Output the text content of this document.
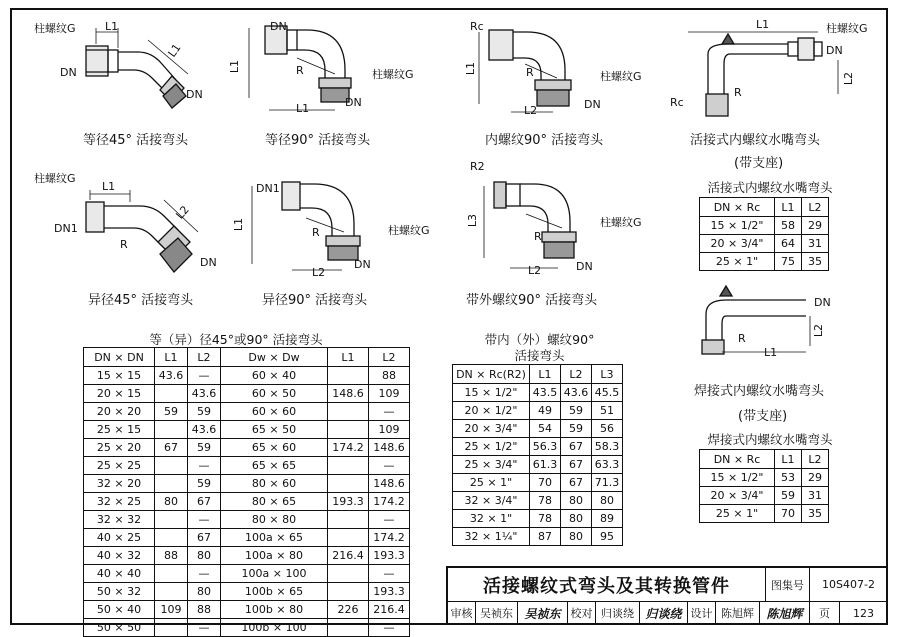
柱螺纹G	L1
L1
DN
DN
等径45° 活接弯头
DN
L1	R	柱螺纹G
DN
L1
等径90° 活接弯头
Rc
L1	R	柱螺纹G
DN
L2
内螺纹90° 活接弯头
L1	柱螺纹G
DN
L2
Rc
R
活接式内螺纹水嘴弯头
(带支座)
柱螺纹G
L1
L2
DN1
R
DN
异径45° 活接弯头
DN1
L1
R	柱螺纹G
L2
DN
异径90° 活接弯头
R2
L3
R
柱螺纹G
L2	DN
带外螺纹90° 活接弯头	DN
L2
R
L1
焊接式内螺纹水嘴弯头
(带支座)
等（异）径45°或90° 活接弯头
DN × DN	L1	L2	Dw × Dw	L1	L2
15 × 15	43.6	—	60 × 40		88
20 × 15		43.6	60 × 50	148.6	109
20 × 20	59	59	60 × 60		—
25 × 15		43.6	65 × 50		109
25 × 20	67	59	65 × 60	174.2	148.6
25 × 25		—	65 × 65		—
32 × 20		59	80 × 60		148.6
32 × 25	80	67	80 × 65	193.3	174.2
32 × 32		—	80 × 80		—
40 × 25		67	100a × 65		174.2
40 × 32	88	80	100a × 80	216.4	193.3
40 × 40		—	100a × 100		—
50 × 32		80	100b × 65		193.3
50 × 40	109	88	100b × 80	226	216.4
50 × 50		—	100b × 100		—
带内（外）螺纹90°
活接弯头
DN × Rc(R2)	L1	L2	L3
15 × 1/2"	43.5	43.6	45.5
20 × 1/2"	49	59	51
20 × 3/4"	54	59	56
25 × 1/2"	56.3	67	58.3
25 × 3/4"	61.3	67	63.3
25 × 1"	70	67	71.3
32 × 3/4"	78	80	80
32 × 1"	78	80	89
32 × 1¼"	87	80	95
活接式内螺纹水嘴弯头
DN × Rc	L1	L2
15 × 1/2"	58	29
20 × 3/4"	64	31
25 × 1"	75	35
焊接式内螺纹水嘴弯头
DN × Rc	L1	L2
15 × 1/2"	53	29
20 × 3/4"	59	31
25 × 1"	70	35
活接螺纹式弯头及其转换管件	图集号	10S407-2
审核 吴祯东 吴祯东 校对 归谈绕 归谈绕 设计 陈旭辉	陈旭辉	页	123
